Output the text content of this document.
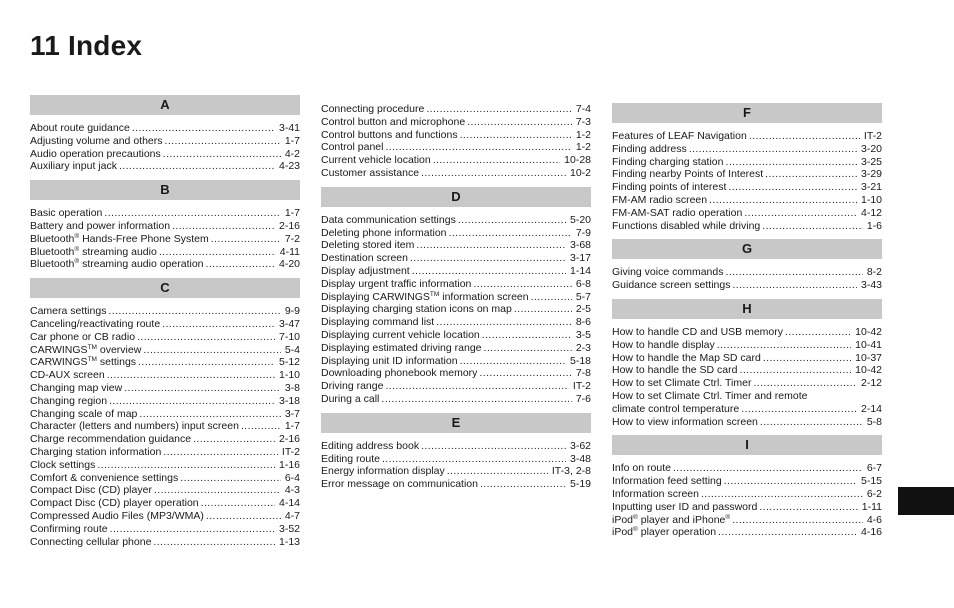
11 Index
A
About route guidance .....	3-41
Adjusting volume and others .....	1-7
Audio operation precautions .....	4-2
Auxiliary input jack .....	4-23
B
Basic operation .....	1-7
Battery and power information .....	2-16
Bluetooth® Hands-Free Phone System .....	7-2
Bluetooth® streaming audio .....	4-11
Bluetooth® streaming audio operation .....	4-20
C
Camera settings .....	9-9
Canceling/reactivating route .....	3-47
Car phone or CB radio .....	7-10
CARWINGS™ overview .....	5-4
CARWINGS™ settings .....	5-12
CD-AUX screen .....	1-10
Changing map view .....	3-8
Changing region .....	3-18
Changing scale of map .....	3-7
Character (letters and numbers) input screen .....	1-7
Charge recommendation guidance .....	2-16
Charging station information .....	IT-2
Clock settings .....	1-16
Comfort & convenience settings .....	6-4
Compact Disc (CD) player .....	4-3
Compact Disc (CD) player operation .....	4-14
Compressed Audio Files (MP3/WMA) .....	4-7
Confirming route .....	3-52
Connecting cellular phone .....	1-13
Connecting procedure .....	7-4
Control button and microphone .....	7-3
Control buttons and functions .....	1-2
Control panel .....	1-2
Current vehicle location .....	10-28
Customer assistance .....	10-2
D
Data communication settings .....	5-20
Deleting phone information .....	7-9
Deleting stored item .....	3-68
Destination screen .....	3-17
Display adjustment .....	1-14
Display urgent traffic information .....	6-8
Displaying CARWINGS™ information screen .....	5-7
Displaying charging station icons on map .....	2-5
Displaying command list .....	8-6
Displaying current vehicle location .....	3-5
Displaying estimated driving range .....	2-3
Displaying unit ID information .....	5-18
Downloading phonebook memory .....	7-8
Driving range .....	IT-2
During a call .....	7-6
E
Editing address book .....	3-62
Editing route .....	3-48
Energy information display .....	IT-3, 2-8
Error message on communication .....	5-19
F
Features of LEAF Navigation .....	IT-2
Finding address .....	3-20
Finding charging station .....	3-25
Finding nearby Points of Interest .....	3-29
Finding points of interest .....	3-21
FM-AM radio screen .....	1-10
FM-AM-SAT radio operation .....	4-12
Functions disabled while driving .....	1-6
G
Giving voice commands .....	8-2
Guidance screen settings .....	3-43
H
How to handle CD and USB memory .....	10-42
How to handle display .....	10-41
How to handle the Map SD card .....	10-37
How to handle the SD card .....	10-42
How to set Climate Ctrl. Timer .....	2-12
How to set Climate Ctrl. Timer and remote
climate control temperature .....	2-14
How to view information screen .....	5-8
I
Info on route .....	6-7
Information feed setting .....	5-15
Information screen .....	6-2
Inputting user ID and password .....	1-11
iPod® player and iPhone® .....	4-6
iPod® player operation .....	4-16
